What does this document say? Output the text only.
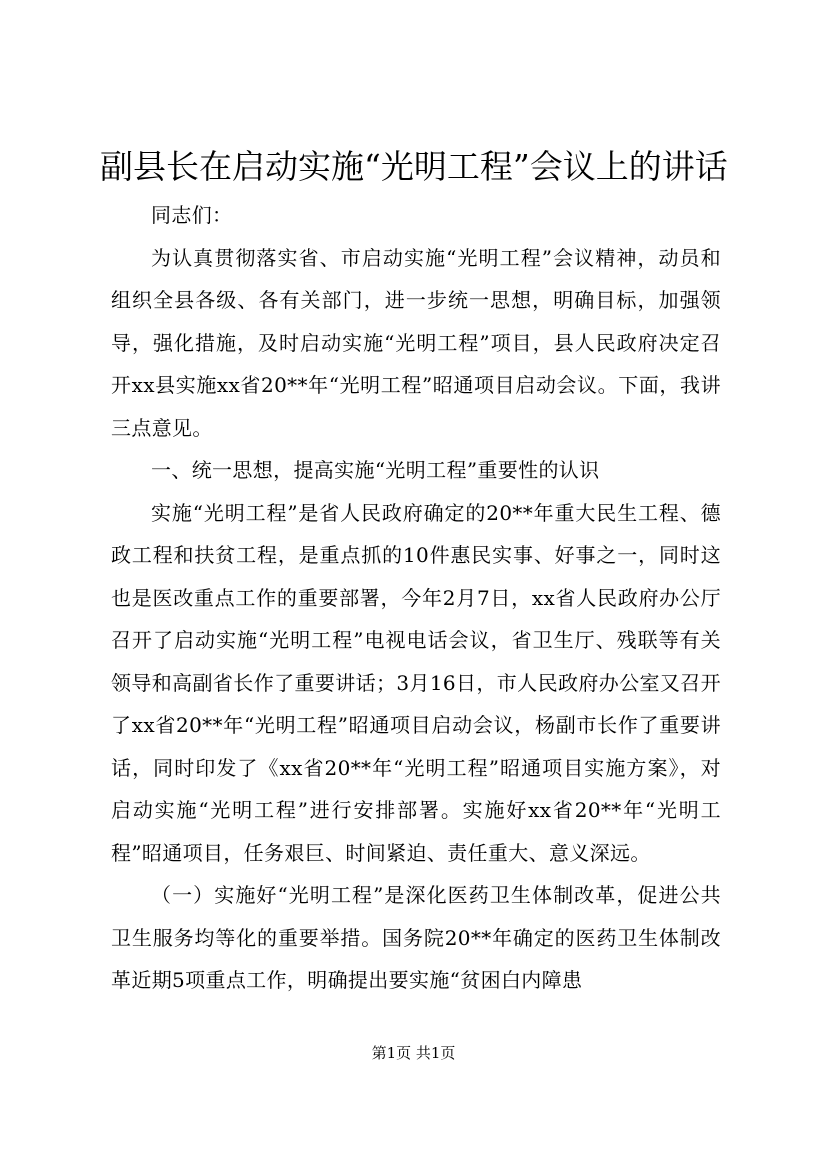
副县长在启动实施“光明工程”会议上的讲话

同志们：

为认真贯彻落实省、市启动实施“光明工程”会议精神，动员和组织全县各级、各有关部门，进一步统一思想，明确目标，加强领导，强化措施，及时启动实施“光明工程”项目，县人民政府决定召开xx县实施xx省20**年“光明工程”昭通项目启动会议。下面，我讲三点意见。

一、统一思想，提高实施“光明工程”重要性的认识

实施“光明工程”是省人民政府确定的20**年重大民生工程、德政工程和扶贫工程，是重点抓的10件惠民实事、好事之一，同时这也是医改重点工作的重要部署，今年2月7日，xx省人民政府办公厅召开了启动实施“光明工程”电视电话会议，省卫生厅、残联等有关领导和高副省长作了重要讲话；3月16日，市人民政府办公室又召开了xx省20**年“光明工程”昭通项目启动会议，杨副市长作了重要讲话，同时印发了《xx省20**年“光明工程”昭通项目实施方案》，对启动实施“光明工程”进行安排部署。实施好xx省20**年“光明工程”昭通项目，任务艰巨、时间紧迫、责任重大、意义深远。

（一）实施好“光明工程”是深化医药卫生体制改革，促进公共卫生服务均等化的重要举措。国务院20**年确定的医药卫生体制改革近期5项重点工作，明确提出要实施“贫困白内障患

第1页 共1页
